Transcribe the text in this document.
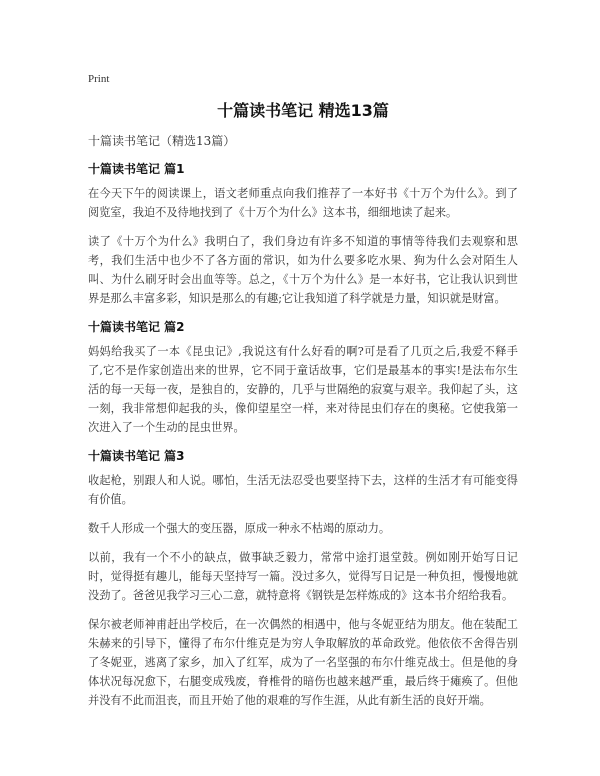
Print

十篇读书笔记 精选13篇

十篇读书笔记（精选13篇）

十篇读书笔记 篇1

在今天下午的阅读课上，语文老师重点向我们推荐了一本好书《十万个为什么》。到了阅览室，我迫不及待地找到了《十万个为什么》这本书，细细地读了起来。

读了《十万个为什么》我明白了，我们身边有许多不知道的事情等待我们去观察和思考，我们生活中也少不了各方面的常识，如为什么要多吃水果、狗为什么会对陌生人叫、为什么刷牙时会出血等等。总之，《十万个为什么》是一本好书，它让我认识到世界是那么丰富多彩，知识是那么的有趣;它让我知道了科学就是力量，知识就是财富。

十篇读书笔记 篇2

妈妈给我买了一本《昆虫记》,我说这有什么好看的啊?可是看了几页之后,我爱不释手了,它不是作家创造出来的世界，它不同于童话故事，它们是最基本的事实!是法布尔生活的每一天每一夜，是独自的，安静的，几乎与世隔绝的寂寞与艰辛。我仰起了头，这一刻，我非常想仰起我的头，像仰望星空一样，来对待昆虫们存在的奥秘。它使我第一次进入了一个生动的昆虫世界。

十篇读书笔记 篇3

收起枪，别跟人和人说。哪怕，生活无法忍受也要坚持下去，这样的生活才有可能变得有价值。

数千人形成一个强大的变压器，原成一种永不枯竭的原动力。

以前，我有一个不小的缺点，做事缺乏毅力，常常中途打退堂鼓。例如刚开始写日记时，觉得挺有趣儿，能每天坚持写一篇。没过多久，觉得写日记是一种负担，慢慢地就没劲了。爸爸见我学习三心二意，就特意将《钢铁是怎样炼成的》这本书介绍给我看。

保尔被老师神甫赶出学校后，在一次偶然的相遇中，他与冬妮亚结为朋友。他在装配工朱赫来的引导下，懂得了布尔什维克是为穷人争取解放的革命政党。他依依不舍得告别了冬妮亚，逃离了家乡，加入了红军，成为了一名坚强的布尔什维克战士。但是他的身体状况每况愈下，右腿变成残废，脊椎骨的暗伤也越来越严重，最后终于瘫痪了。但他并没有不此而沮丧，而且开始了他的艰难的写作生涯，从此有新生活的良好开端。
